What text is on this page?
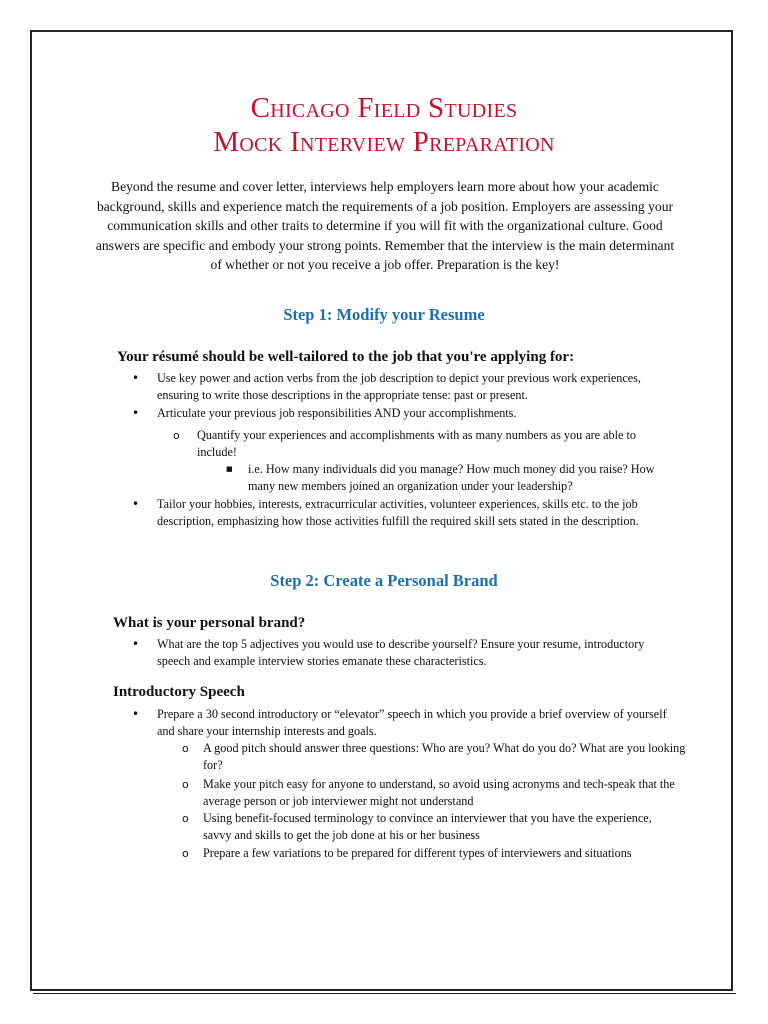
Chicago Field Studies
Mock Interview Preparation
Beyond the resume and cover letter, interviews help employers learn more about how your academic background, skills and experience match the requirements of a job position. Employers are assessing your communication skills and other traits to determine if you will fit with the organizational culture. Good answers are specific and embody your strong points. Remember that the interview is the main determinant of whether or not you receive a job offer. Preparation is the key!
Step 1: Modify your Resume
Your résumé should be well-tailored to the job that you're applying for:
• Use key power and action verbs from the job description to depict your previous work experiences, ensuring to write those descriptions in the appropriate tense: past or present.
• Articulate your previous job responsibilities AND your accomplishments.
o Quantify your experiences and accomplishments with as many numbers as you are able to include!
■ i.e. How many individuals did you manage? How much money did you raise? How many new members joined an organization under your leadership?
• Tailor your hobbies, interests, extracurricular activities, volunteer experiences, skills etc. to the job description, emphasizing how those activities fulfill the required skill sets stated in the description.
Step 2: Create a Personal Brand
What is your personal brand?
• What are the top 5 adjectives you would use to describe yourself? Ensure your resume, introductory speech and example interview stories emanate these characteristics.
Introductory Speech
• Prepare a 30 second introductory or “elevator” speech in which you provide a brief overview of yourself and share your internship interests and goals.
o A good pitch should answer three questions: Who are you? What do you do? What are you looking for?
o Make your pitch easy for anyone to understand, so avoid using acronyms and tech-speak that the average person or job interviewer might not understand
o Using benefit-focused terminology to convince an interviewer that you have the experience, savvy and skills to get the job done at his or her business
o Prepare a few variations to be prepared for different types of interviewers and situations
